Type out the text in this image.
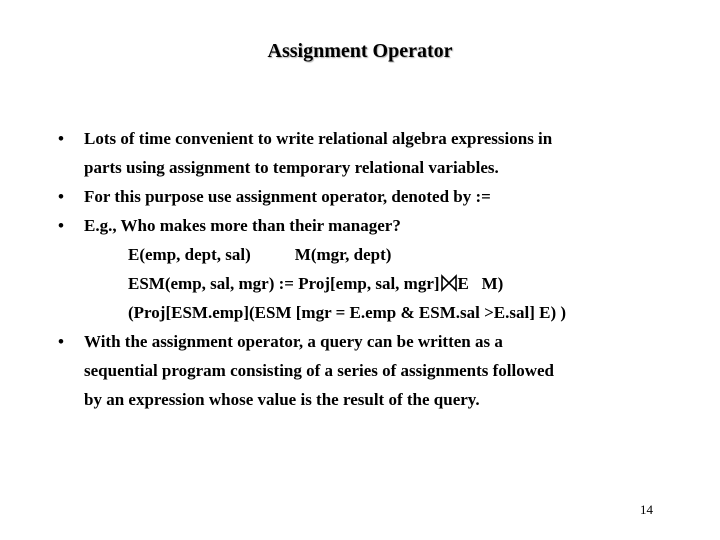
Assignment Operator
• Lots of time convenient to write relational algebra expressions in
parts using assignment to temporary relational variables.
• For this purpose use assignment operator, denoted by :=
• E.g., Who makes more than their manager?
E(emp, dept, sal)	M(mgr, dept)
ESM(emp, sal, mgr) := Proj[emp, sal, mgr] E M)
(Proj[ESM.emp](ESM [mgr = E.emp & ESM.sal >E.sal] E) )
• With the assignment operator, a query can be written as a
sequential program consisting of a series of assignments followed
by an expression whose value is the result of the query.
14
